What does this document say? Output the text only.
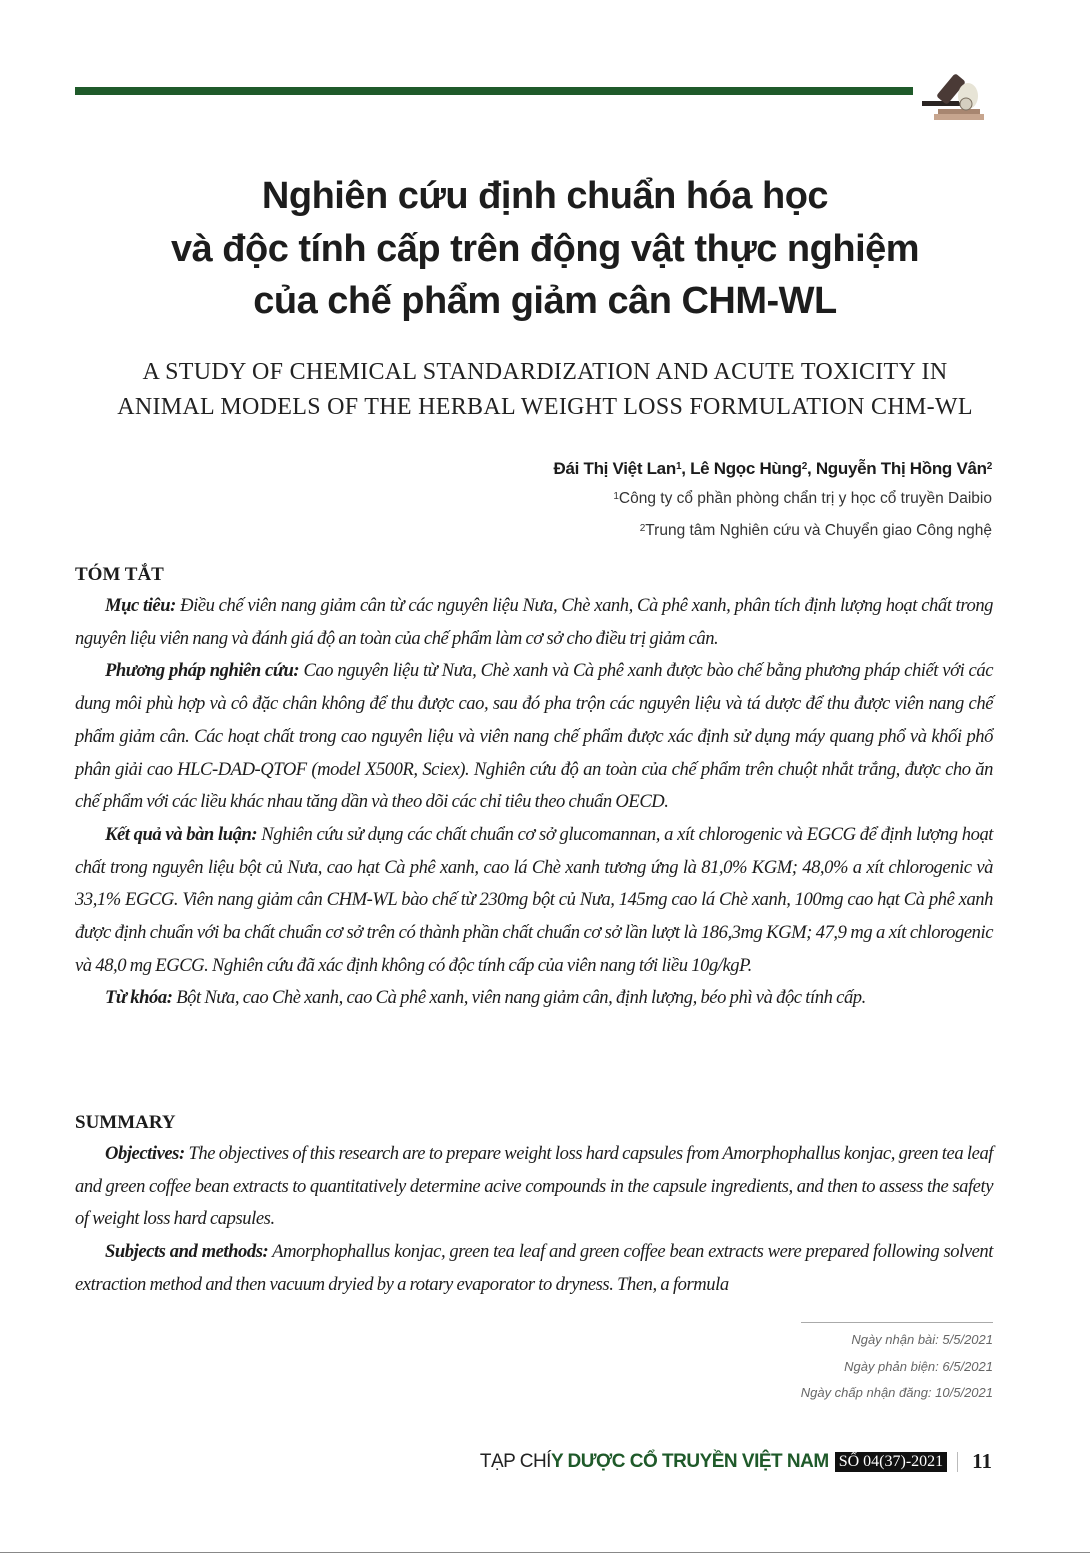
Nghiên cứu định chuẩn hóa học
và độc tính cấp trên động vật thực nghiệm
của chế phẩm giảm cân CHM-WL
A STUDY OF CHEMICAL STANDARDIZATION AND ACUTE TOXICITY IN
ANIMAL MODELS OF THE HERBAL WEIGHT LOSS FORMULATION CHM-WL
Đái Thị Việt Lan$^1$, Lê Ngọc Hùng$^2$, Nguyễn Thị Hồng Vân$^2$
$^1$Công ty cổ phần phòng chẩn trị y học cổ truyền Daibio
$^2$Trung tâm Nghiên cứu và Chuyển giao Công nghệ
TÓM TẮT

Mục tiêu: Điều chế viên nang giảm cân từ các nguyên liệu Nưa, Chè xanh, Cà phê xanh, phân tích định lượng hoạt chất trong nguyên liệu viên nang và đánh giá độ an toàn của chế phẩm làm cơ sở cho điều trị giảm cân.

Phương pháp nghiên cứu: Cao nguyên liệu từ Nưa, Chè xanh và Cà phê xanh được bào chế bằng phương pháp chiết với các dung môi phù hợp và cô đặc chân không để thu được cao, sau đó pha trộn các nguyên liệu và tá dược để thu được viên nang chế phẩm giảm cân. Các hoạt chất trong cao nguyên liệu và viên nang chế phẩm được xác định sử dụng máy quang phổ và khối phổ phân giải cao HLC-DAD-QTOF (model X500R, Sciex). Nghiên cứu độ an toàn của chế phẩm trên chuột nhắt trắng, được cho ăn chế phẩm với các liều khác nhau tăng dần và theo dõi các chỉ tiêu theo chuẩn OECD.

Kết quả và bàn luận: Nghiên cứu sử dụng các chất chuẩn cơ sở glucomannan, a xít chlorogenic và EGCG để định lượng hoạt chất trong nguyên liệu bột củ Nưa, cao hạt Cà phê xanh, cao lá Chè xanh tương ứng là 81,0% KGM; 48,0% a xít chlorogenic và 33,1% EGCG. Viên nang giảm cân CHM-WL bào chế từ 230mg bột củ Nưa, 145mg cao lá Chè xanh, 100mg cao hạt Cà phê xanh được định chuẩn với ba chất chuẩn cơ sở trên có thành phần chất chuẩn cơ sở lần lượt là 186,3mg KGM; 47,9 mg a xít chlorogenic và 48,0 mg EGCG. Nghiên cứu đã xác định không có độc tính cấp của viên nang tới liều 10g/kgP.

Từ khóa: Bột Nưa, cao Chè xanh, cao Cà phê xanh, viên nang giảm cân, định lượng, béo phì và độc tính cấp.

SUMMARY

Objectives: The objectives of this research are to prepare weight loss hard capsules from Amorphophallus konjac, green tea leaf and green coffee bean extracts to quantitatively determine acive compounds in the capsule ingredients, and then to assess the safety of weight loss hard capsules.

Subjects and methods: Amorphophallus konjac, green tea leaf and green coffee bean extracts were prepared following solvent extraction method and then vacuum dryied by a rotary evaporator to dryness. Then, a formula

Ngày nhận bài: 5/5/2021
Ngày phản biện: 6/5/2021
Ngày chấp nhận đăng: 10/5/2021
TẠP CHÍ Y DƯỢC CỔ TRUYỀN VIỆT NAM SỐ 04(37)-2021 11
